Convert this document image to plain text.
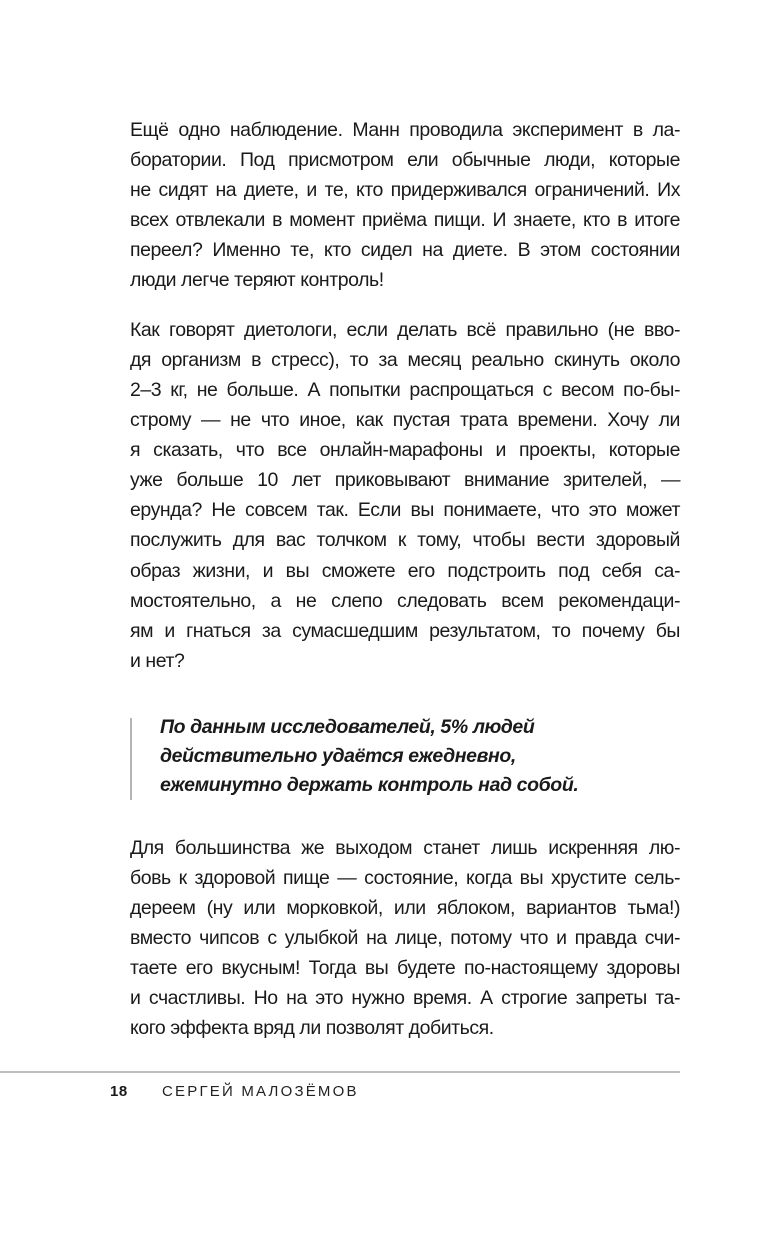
Ещё одно наблюдение. Манн проводила эксперимент в ла-
боратории. Под присмотром ели обычные люди, которые
не сидят на диете, и те, кто придерживался ограничений. Их
всех отвлекали в момент приёма пищи. И знаете, кто в итоге
переел? Именно те, кто сидел на диете. В этом состоянии
люди легче теряют контроль!
Как говорят диетологи, если делать всё правильно (не вво-
дя организм в стресс), то за месяц реально скинуть около
2–3 кг, не больше. А попытки распрощаться с весом по-бы-
строму — не что иное, как пустая трата времени. Хочу ли
я сказать, что все онлайн-марафоны и проекты, которые
уже больше 10 лет приковывают внимание зрителей, —
ерунда? Не совсем так. Если вы понимаете, что это может
послужить для вас толчком к тому, чтобы вести здоровый
образ жизни, и вы сможете его подстроить под себя са-
мостоятельно, а не слепо следовать всем рекомендаци-
ям и гнаться за сумасшедшим результатом, то почему бы
и нет?
По данным исследователей, 5% людей
действительно удаётся ежедневно,
ежеминутно держать контроль над собой.
Для большинства же выходом станет лишь искренняя лю-
бовь к здоровой пище — состояние, когда вы хрустите сель-
дереем (ну или морковкой, или яблоком, вариантов тьма!)
вместо чипсов с улыбкой на лице, потому что и правда счи-
таете его вкусным! Тогда вы будете по-настоящему здоровы
и счастливы. Но на это нужно время. А строгие запреты та-
кого эффекта вряд ли позволят добиться.
18 СЕРГЕЙ МАЛОЗЁМОВ
